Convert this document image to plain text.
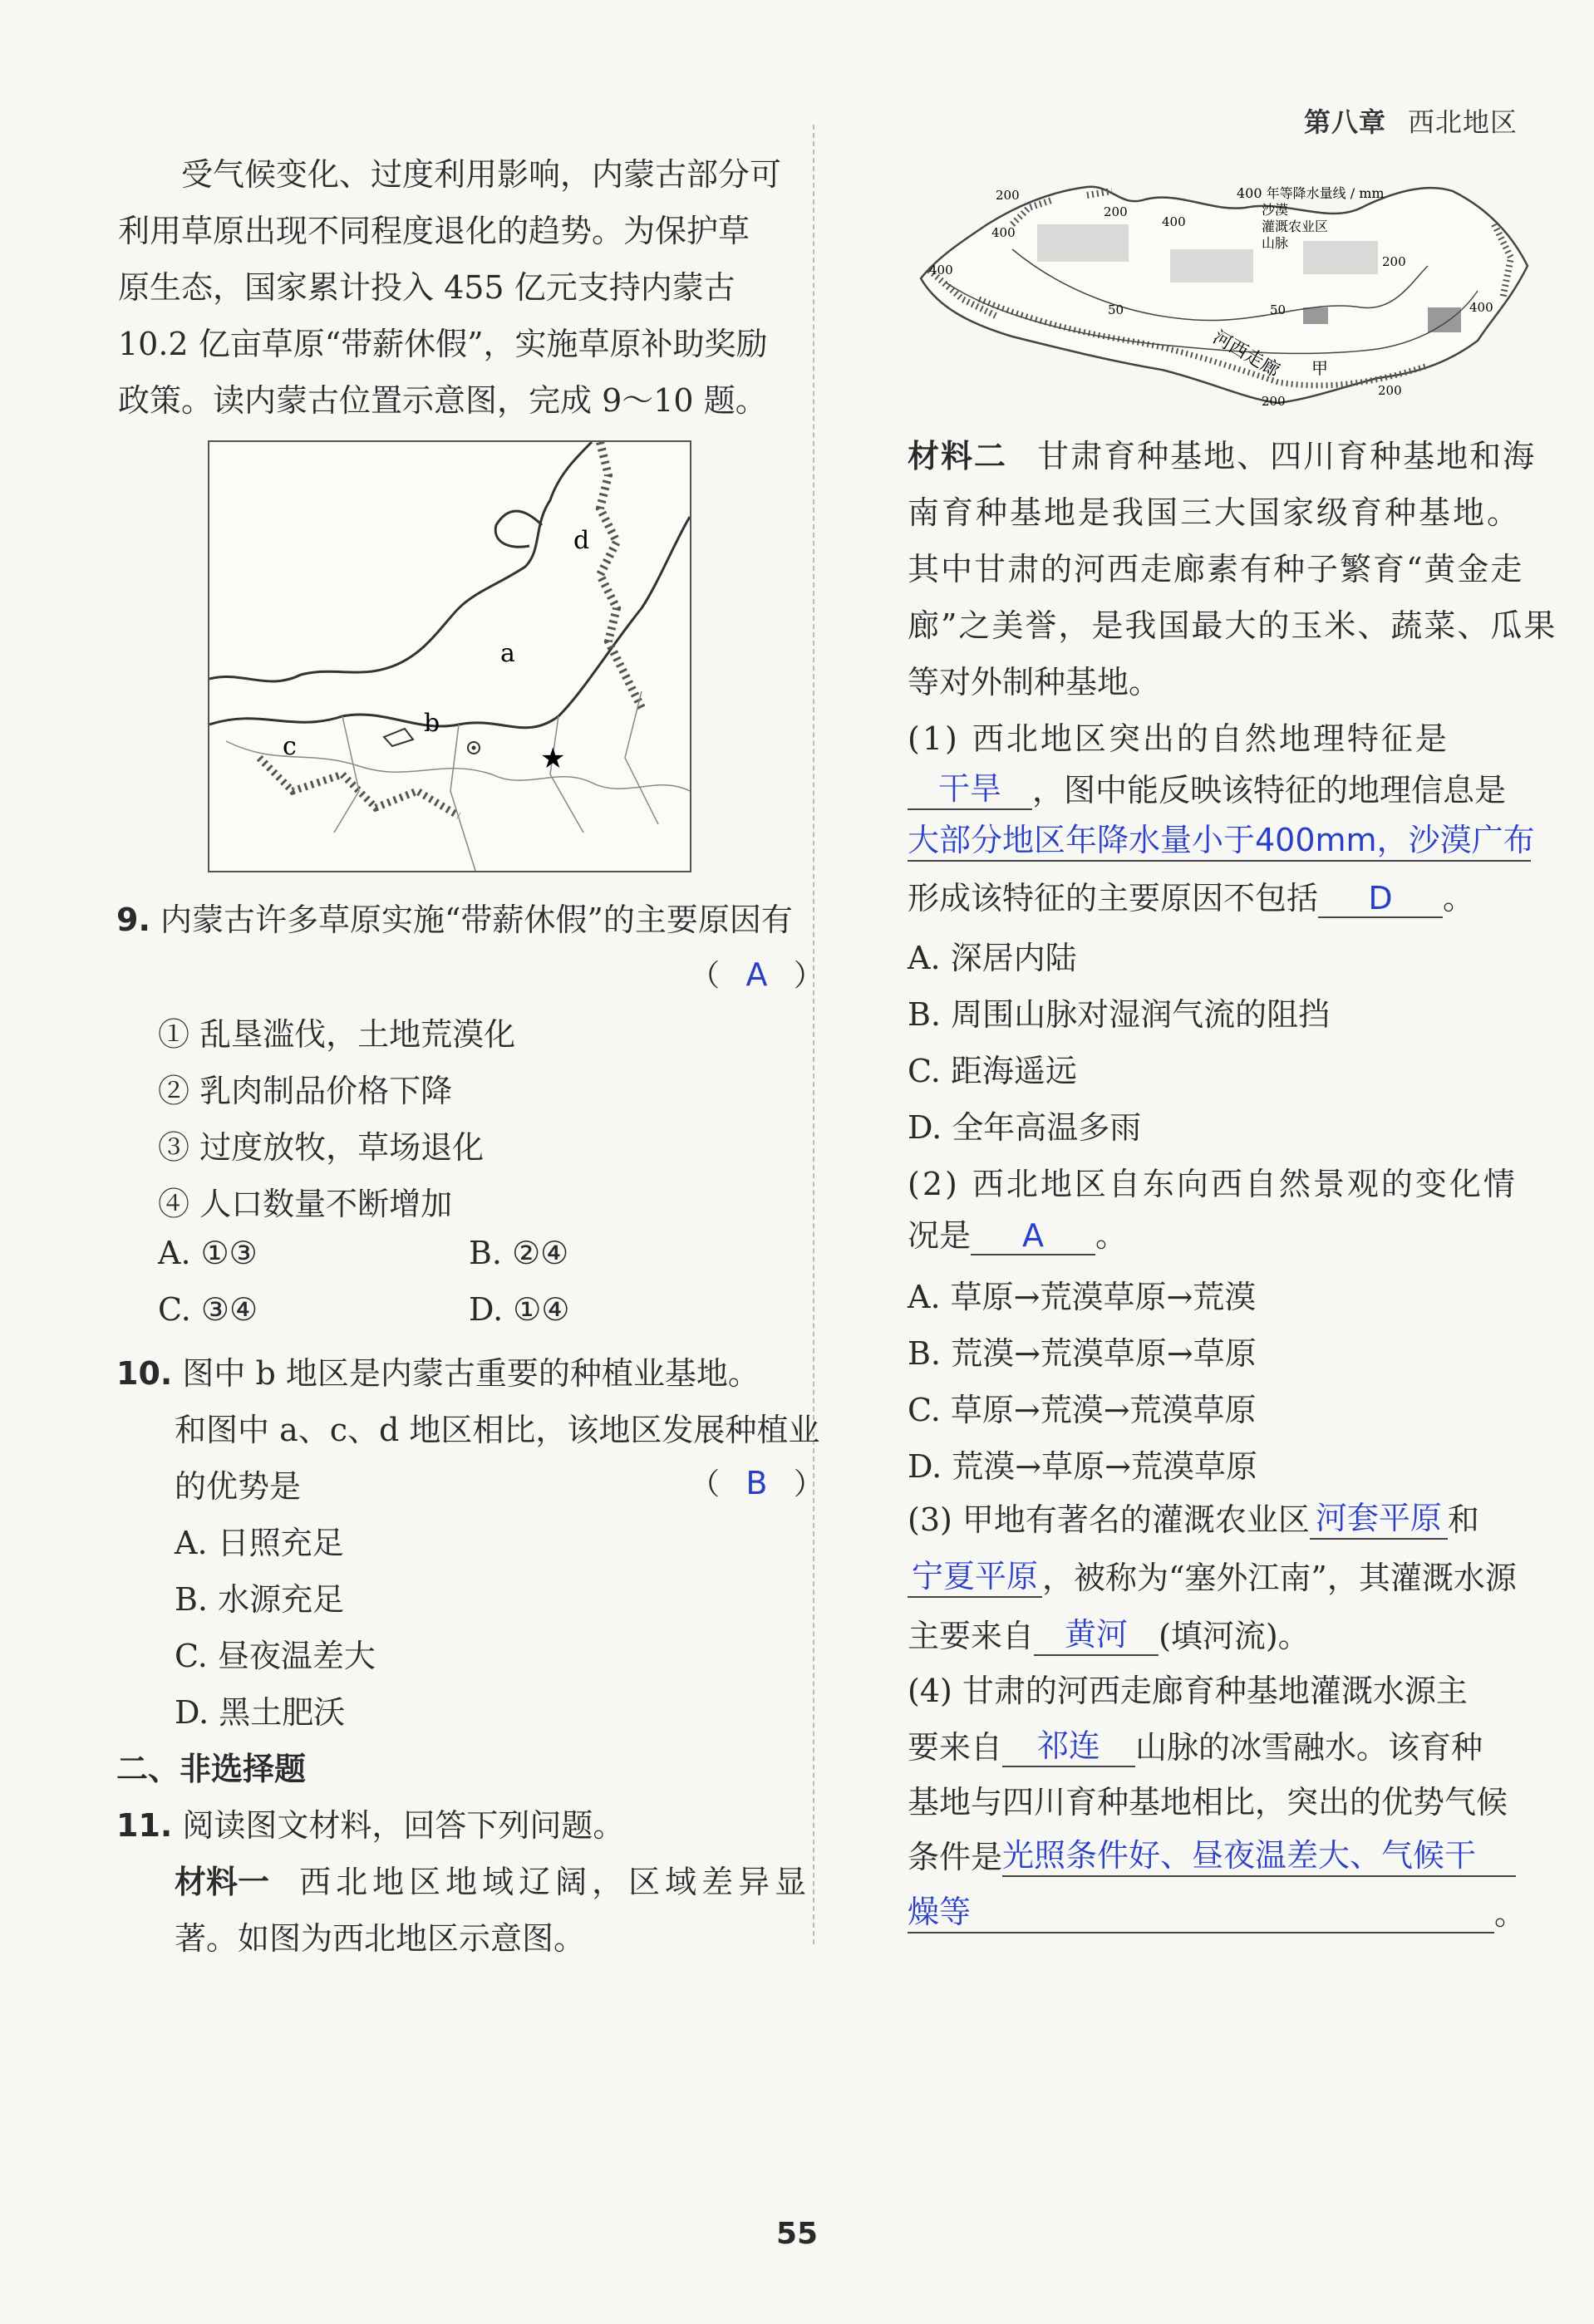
第八章 西北地区
受气候变化、过度利用影响，内蒙古部分可
利用草原出现不同程度退化的趋势。为保护草
原生态，国家累计投入 455 亿元支持内蒙古
10.2 亿亩草原“带薪休假”，实施草原补助奖励
政策。读内蒙古位置示意图，完成 9～10 题。
b
c
a
d
★
9. 内蒙古许多草原实施“带薪休假”的主要原因有
（ A ）
① 乱垦滥伐，土地荒漠化
② 乳肉制品价格下降
③ 过度放牧，草场退化
④ 人口数量不断增加
A. ①③	B. ②④
C. ③④	D. ①④
10. 图中 b 地区是内蒙古重要的种植业基地。
和图中 a、c、d 地区相比，该地区发展种植业
的优势是	（ B ）
A. 日照充足
B. 水源充足
C. 昼夜温差大
D. 黑土肥沃
二、非选择题
11. 阅读图文材料，回答下列问题。
材料一 西北地区地域辽阔，区域差异显
著。如图为西北地区示意图。
400 年等降水量线 / mm
沙漠
灌溉农业区
山脉
200
400
400
50	50
200
400
200
400
200
200
河西走廊 甲
材料二 甘肃育种基地、四川育种基地和海
南育种基地是我国三大国家级育种基地。
其中甘肃的河西走廊素有种子繁育“黄金走
廊”之美誉，是我国最大的玉米、蔬菜、瓜果
等对外制种基地。
(1) 西北地区突出的自然地理特征是
干旱 ，图中能反映该特征的地理信息是
大部分地区年降水量小于400mm，沙漠广布
形成该特征的主要原因不包括 D 。
A. 深居内陆
B. 周围山脉对湿润气流的阻挡
C. 距海遥远
D. 全年高温多雨
(2) 西北地区自东向西自然景观的变化情
况是 A 。
A. 草原→荒漠草原→荒漠
B. 荒漠→荒漠草原→草原
C. 草原→荒漠→荒漠草原
D. 荒漠→草原→荒漠草原
(3) 甲地有著名的灌溉农业区 河套平原 和
宁夏平原 ，被称为“塞外江南”，其灌溉水源
主要来自 黄河 (填河流)。
(4) 甘肃的河西走廊育种基地灌溉水源主
要来自 祁连 山脉的冰雪融水。该育种
基地与四川育种基地相比，突出的优势气候
条件是光照条件好、昼夜温差大、气候干
燥等	。
55
